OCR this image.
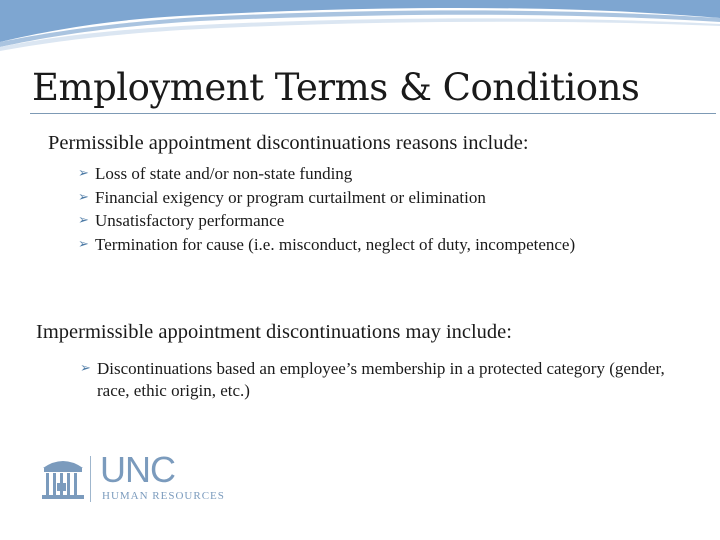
Employment Terms & Conditions
Permissible appointment discontinuations reasons include:
➢ Loss of state and/or non-state funding
➢ Financial exigency or program curtailment or elimination
➢ Unsatisfactory performance
➢ Termination for cause (i.e. misconduct, neglect of duty, incompetence)
Impermissible appointment discontinuations may include:
➢ Discontinuations based an employee’s membership in a protected category (gender, race, ethic origin, etc.)
UNC
HUMAN RESOURCES
